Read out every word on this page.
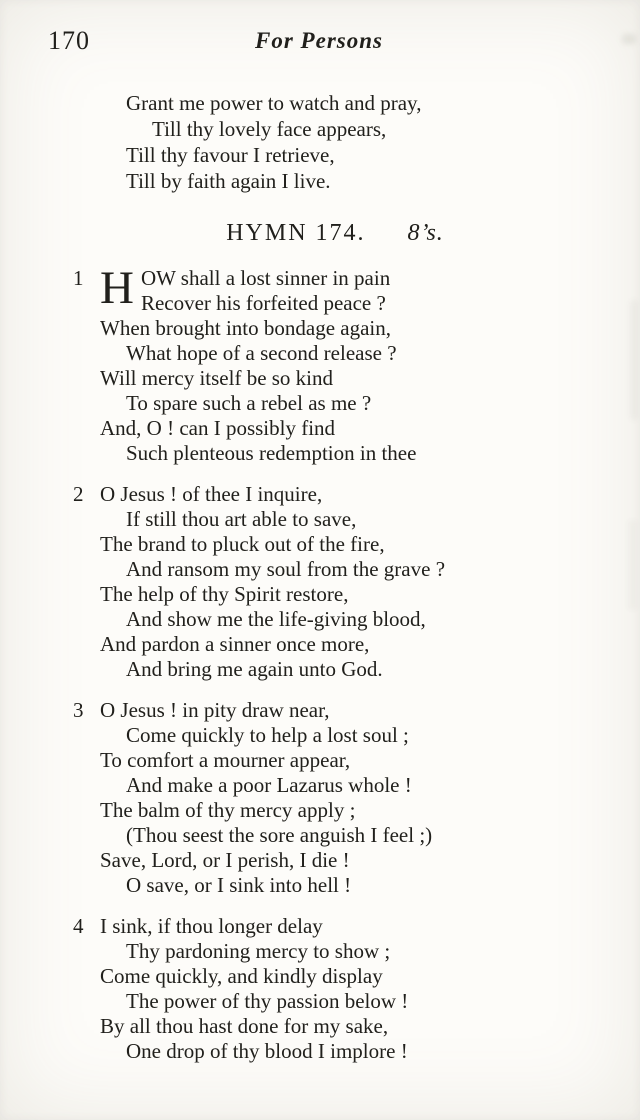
170	For Persons
Grant me power to watch and pray,
Till thy lovely face appears,
Till thy favour I retrieve,
Till by faith again I live.
HYMN 174. 8’s.
1 H OW shall a lost sinner in pain
Recover his forfeited peace ?
When brought into bondage again,
What hope of a second release ?
Will mercy itself be so kind
To spare such a rebel as me ?
And, O ! can I possibly find
Such plenteous redemption in thee
2 O Jesus ! of thee I inquire,
If still thou art able to save,
The brand to pluck out of the fire,
And ransom my soul from the grave ?
The help of thy Spirit restore,
And show me the life-giving blood,
And pardon a sinner once more,
And bring me again unto God.
3 O Jesus ! in pity draw near,
Come quickly to help a lost soul ;
To comfort a mourner appear,
And make a poor Lazarus whole !
The balm of thy mercy apply ;
(Thou seest the sore anguish I feel ;)
Save, Lord, or I perish, I die !
O save, or I sink into hell !
4 I sink, if thou longer delay
Thy pardoning mercy to show ;
Come quickly, and kindly display
The power of thy passion below !
By all thou hast done for my sake,
One drop of thy blood I implore !
